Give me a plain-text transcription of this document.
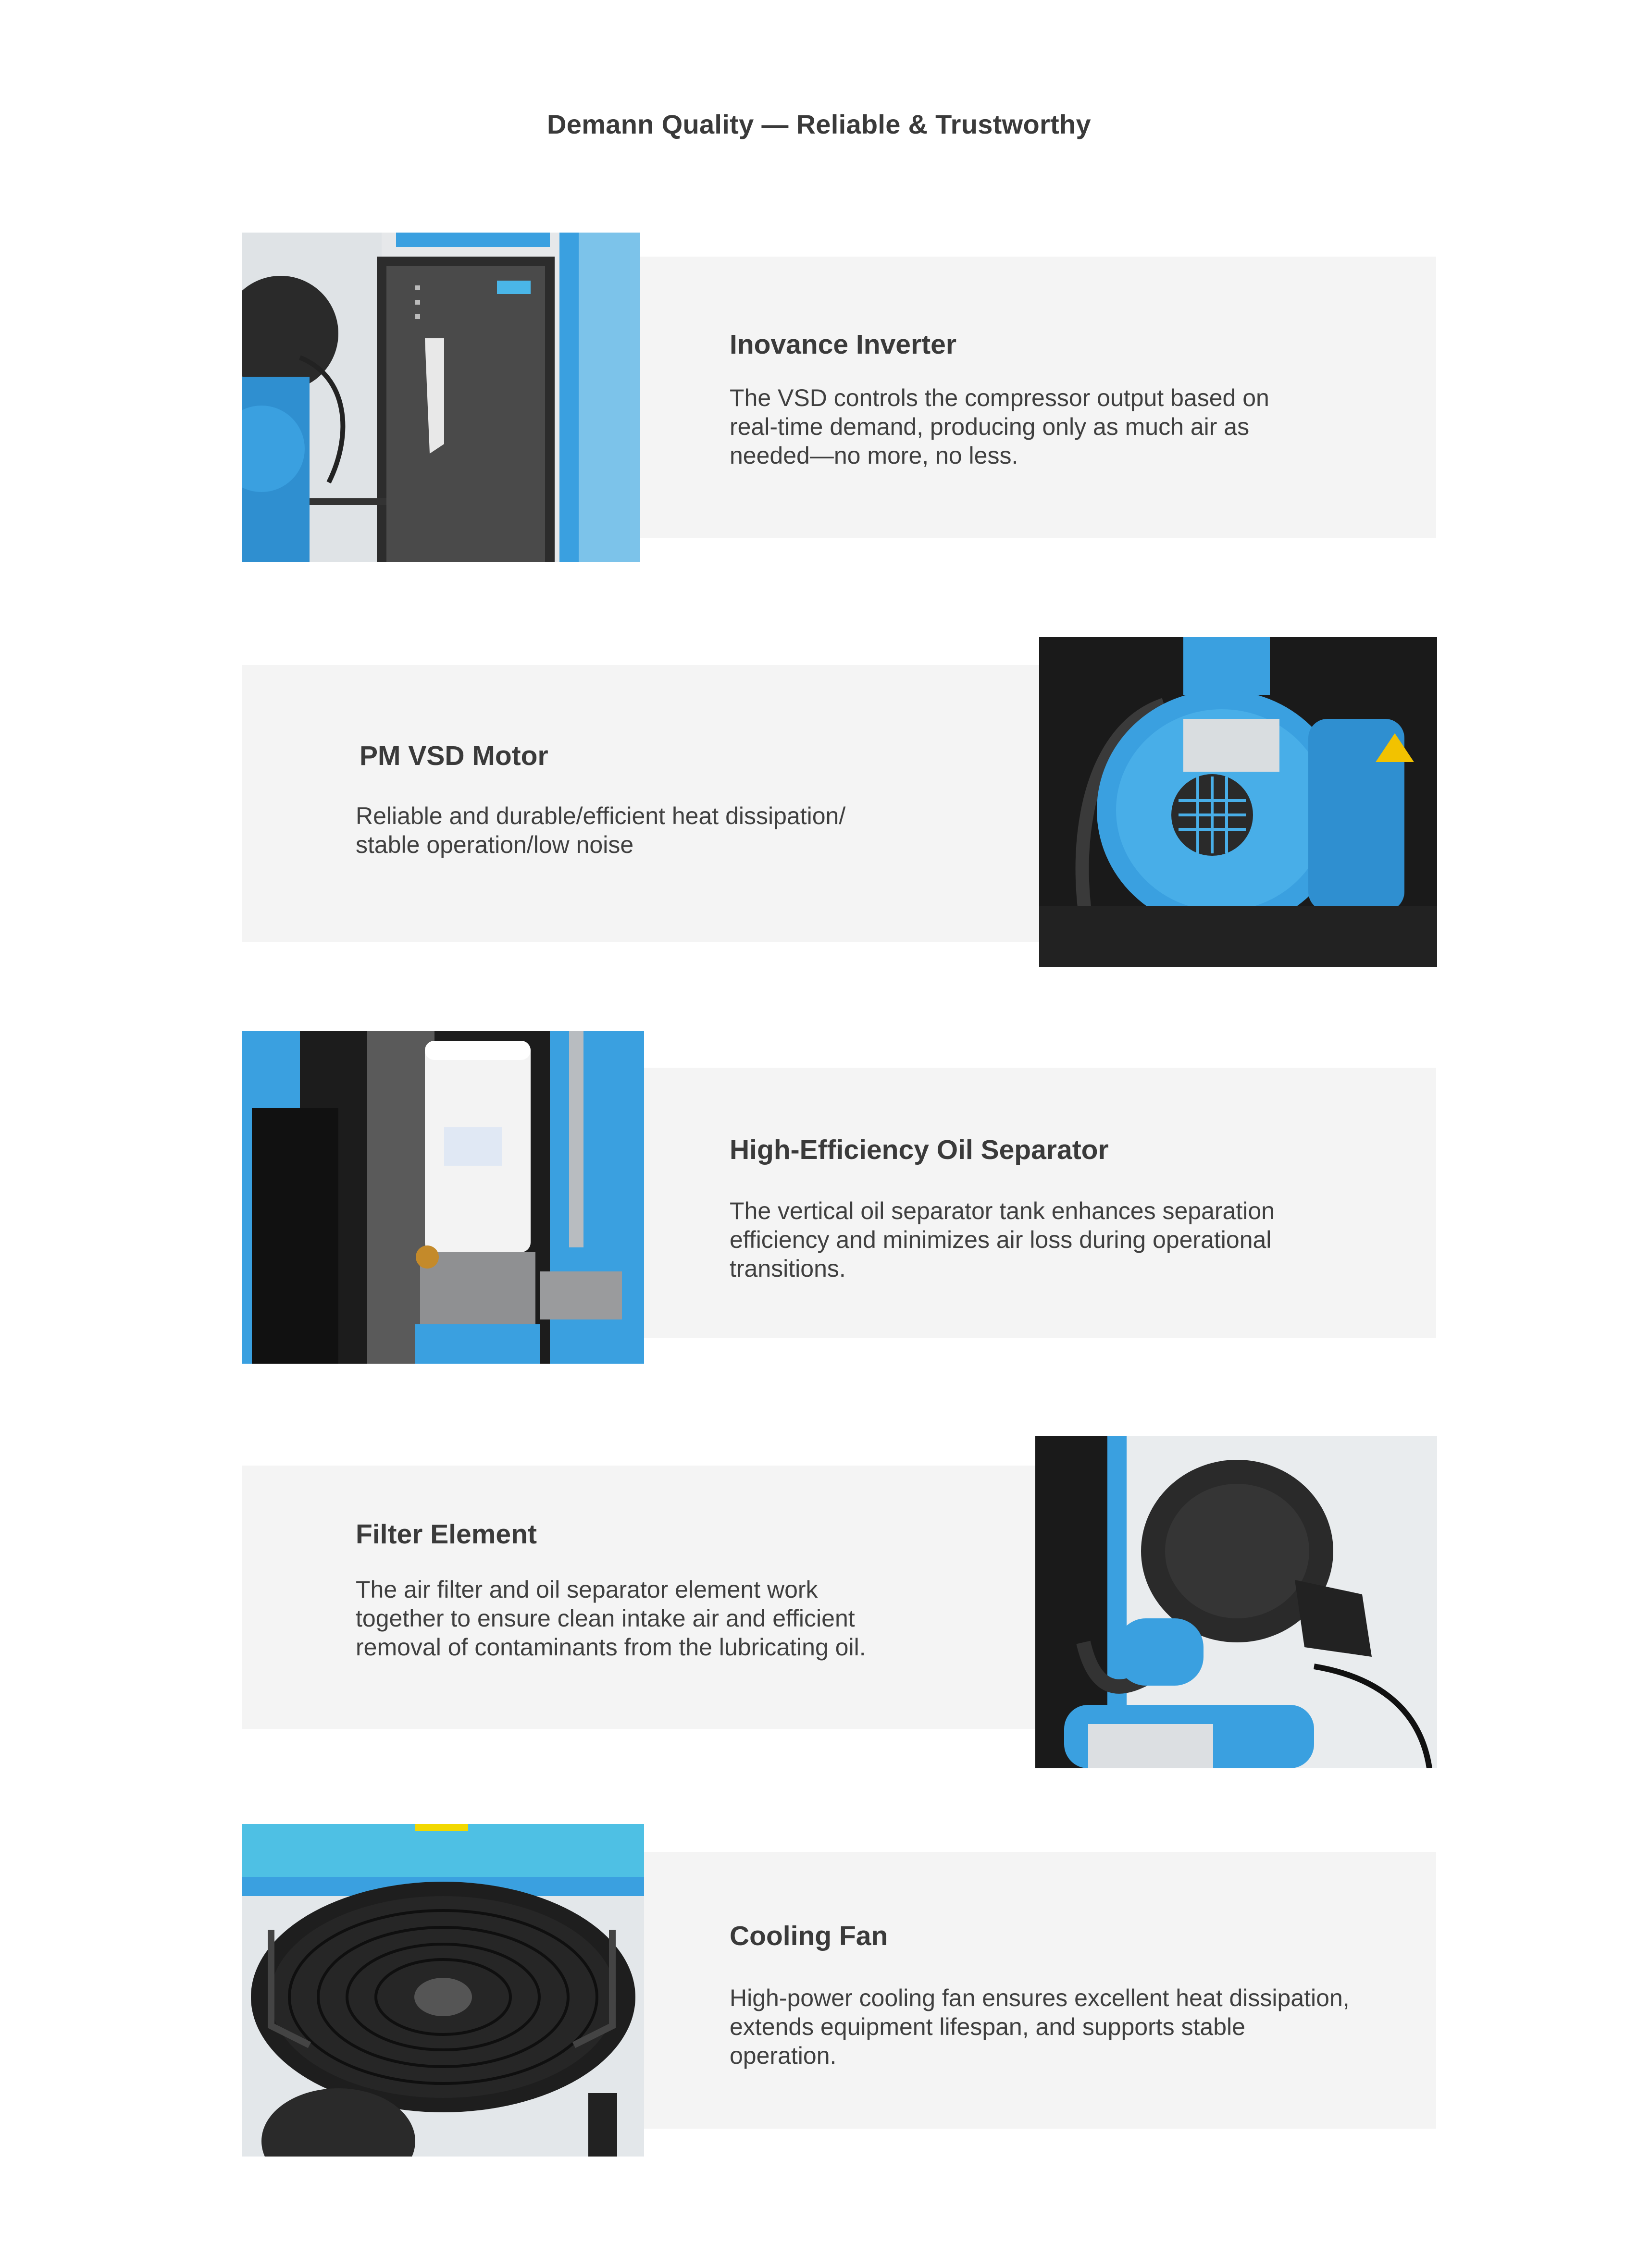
Demann Quality — Reliable & Trustworthy
Inovance Inverter

The VSD controls the compressor output based on real-time demand, producing only as much air as needed—no more, no less.

PM VSD Motor

Reliable and durable/efficient heat dissipation/ stable operation/low noise

High-Efficiency Oil Separator

The vertical oil separator tank enhances separation efficiency and minimizes air loss during operational transitions.

Filter Element

The air filter and oil separator element work together to ensure clean intake air and efficient removal of contaminants from the lubricating oil.

Cooling Fan

High-power cooling fan ensures excellent heat dissipation, extends equipment lifespan, and supports stable operation.
